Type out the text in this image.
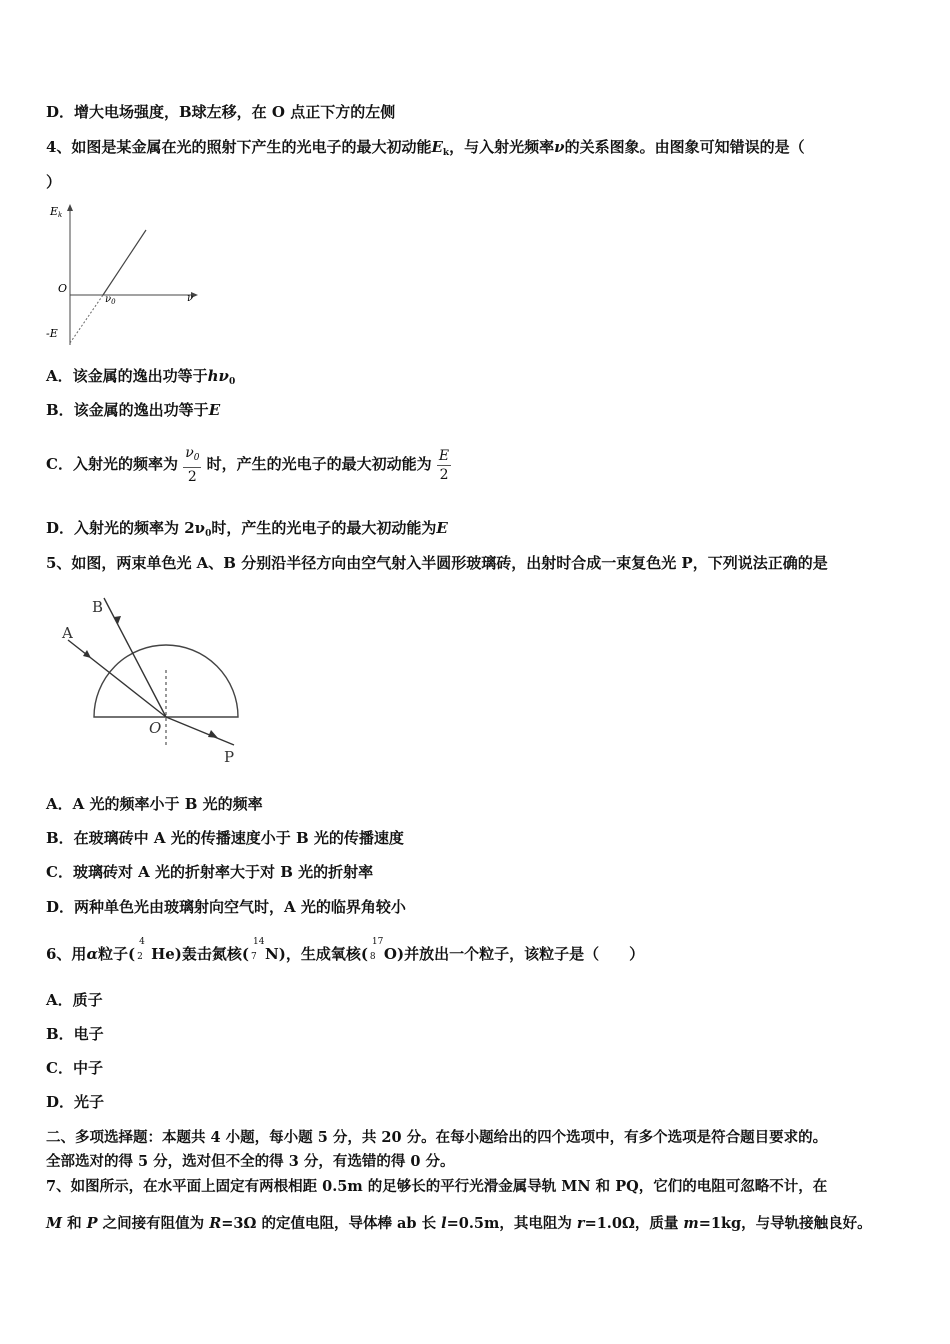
D．增大电场强度，B球左移，在 O 点正下方的左侧
4、如图是某金属在光的照射下产生的光电子的最大初动能$E_k$，与入射光频率ν的关系图象。由图象可知错误的是（
）
Ek
O
ν
$\nu_0$
-E
A．该金属的逸出功等于$h\nu_0$
B．该金属的逸出功等于E
C．入射光的频率为 $\frac{\nu_0}{2}$ 时，产生的光电子的最大初动能为 $\frac{E}{2}$
D．入射光的频率为 $2\nu_0$时，产生的光电子的最大初动能为E
5、如图，两束单色光 A、B 分别沿半径方向由空气射入半圆形玻璃砖，出射时合成一束复色光 P，下列说法正确的是
A
B
O
P
A．A 光的频率小于 B 光的频率
B．在玻璃砖中 A 光的传播速度小于 B 光的传播速度
C．玻璃砖对 A 光的折射率大于对 B 光的折射率
D．两种单色光由玻璃射向空气时，A 光的临界角较小
6、用α粒子(
4
2 He)轰击氮核(
14
7 N)，生成氧核(
17
8 O)并放出一个粒子，该粒子是（　　）
A．质子
B．电子
C．中子
D．光子
二、多项选择题：本题共 4 小题，每小题 5 分，共 20 分。在每小题给出的四个选项中，有多个选项是符合题目要求的。
全部选对的得 5 分，选对但不全的得 3 分，有选错的得 0 分。
7、如图所示，在水平面上固定有两根相距 0.5m 的足够长的平行光滑金属导轨 MN 和 PQ，它们的电阻可忽略不计，在
M 和 P 之间接有阻值为 R=3Ω 的定值电阻，导体棒 ab 长 l=0.5m，其电阻为 r=1.0Ω，质量 m=1kg，与导轨接触良好。
